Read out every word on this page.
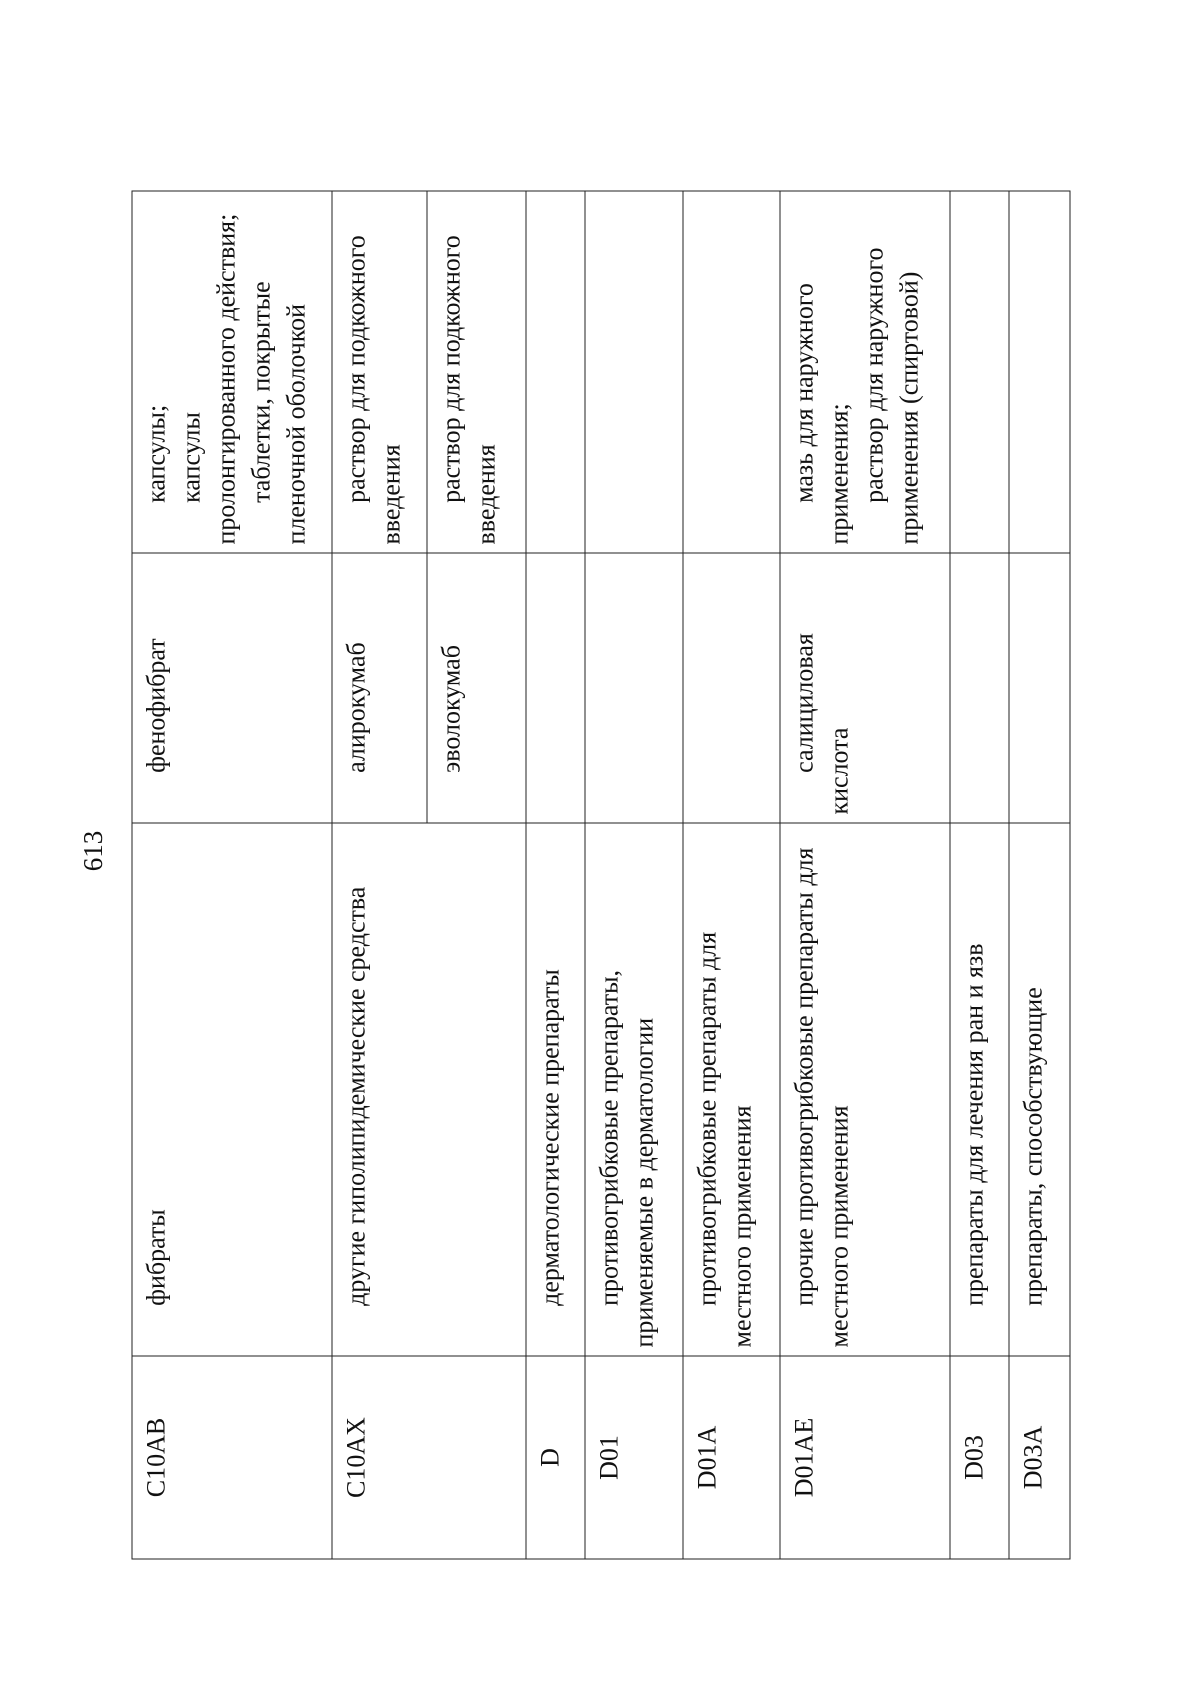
613
C10AB	фибраты	фенофибрат	капсулы; капсулы пролонгированного действия; таблетки, покрытые пленочной оболочкой

C10AX	другие гиполипидемические средства	алирокумаб	раствор для подкожного введения

		эволокумаб	раствор для подкожного введения

D	дерматологические препараты		
D01	противогрибковые препараты, применяемые в дерматологии		
D01A	противогрибковые препараты для местного применения		
D01AE	прочие противогрибковые препараты для местного применения	салициловая кислота	мазь для наружного применения; раствор для наружного применения (спиртовой)

D03	препараты для лечения ран и язв		
D03A	препараты, способствующие		
